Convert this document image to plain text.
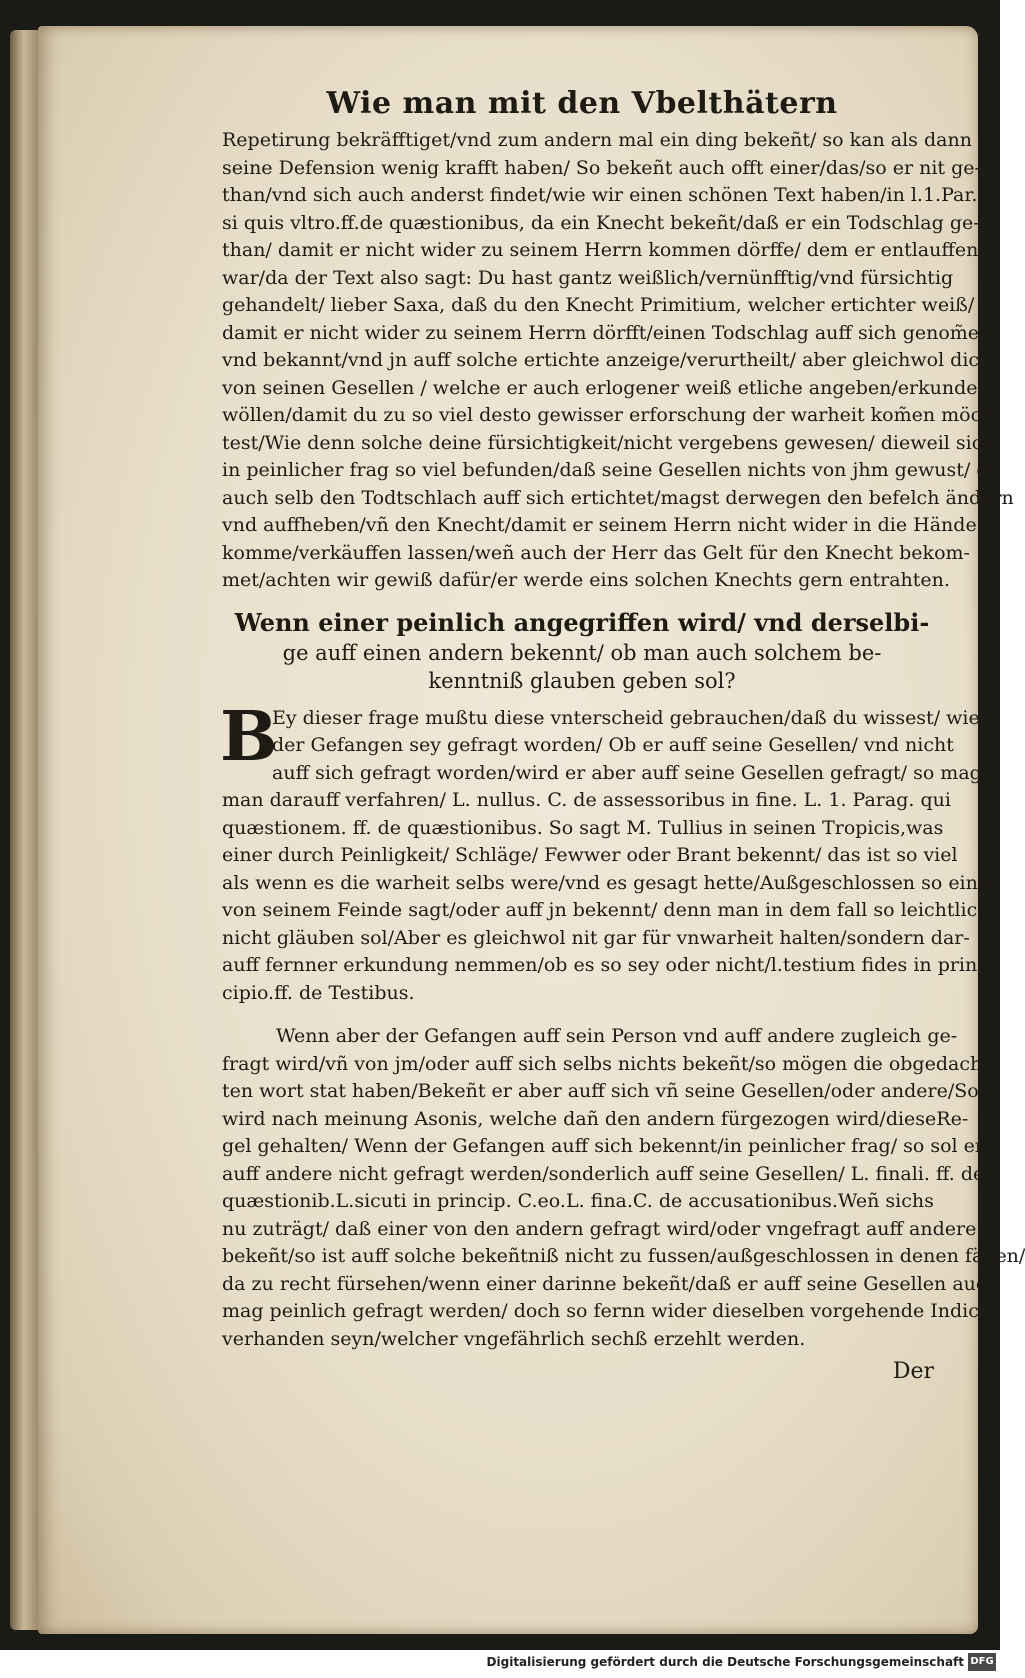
Wie man mit den Vbelthätern

Repetirung bekräfftiget/vnd zum andern mal ein ding bekeñt/ so kan als dann

seine Defension wenig krafft haben/ So bekeñt auch offt einer/das/so er nit ge-

than/vnd sich auch anderst findet/wie wir einen schönen Text haben/in l.1.Par.

si quis vltro.ff.de quæstionibus, da ein Knecht bekeñt/daß er ein Todschlag ge-

than/ damit er nicht wider zu seinem Herrn kommen dörffe/ dem er entlauffen

war/da der Text also sagt: Du hast gantz weißlich/vernünfftig/vnd fürsichtig

gehandelt/ lieber Saxa, daß du den Knecht Primitium, welcher ertichter weiß/

damit er nicht wider zu seinem Herrn dörfft/einen Todschlag auff sich genom̃en

vnd bekannt/vnd jn auff solche ertichte anzeige/verurtheilt/ aber gleichwol dich

von seinen Gesellen / welche er auch erlogener weiß etliche angeben/erkunden

wöllen/damit du zu so viel desto gewisser erforschung der warheit kom̃en möch-

test/Wie denn solche deine fürsichtigkeit/nicht vergebens gewesen/ dieweil sich

in peinlicher frag so viel befunden/daß seine Gesellen nichts von jhm gewust/ er

auch selb den Todtschlach auff sich ertichtet/magst derwegen den befelch ändern

vnd auffheben/vñ den Knecht/damit er seinem Herrn nicht wider in die Hände

komme/verkäuffen lassen/weñ auch der Herr das Gelt für den Knecht bekom-

met/achten wir gewiß dafür/er werde eins solchen Knechts gern entrahten.

Wenn einer peinlich angegriffen wird/ vnd derselbi-
ge auff einen andern bekennt/ ob man auch solchem be-
kenntniß glauben geben sol?
B

Ey dieser frage mußtu diese vnterscheid gebrauchen/daß du wissest/ wie

der Gefangen sey gefragt worden/ Ob er auff seine Gesellen/ vnd nicht

auff sich gefragt worden/wird er aber auff seine Gesellen gefragt/ so mag

man darauff verfahren/ L. nullus. C. de assessoribus in fine. L. 1. Parag. qui

quæstionem. ff. de quæstionibus. So sagt M. Tullius in seinen Tropicis,was

einer durch Peinligkeit/ Schläge/ Fewwer oder Brant bekennt/ das ist so viel

als wenn es die warheit selbs were/vnd es gesagt hette/Außgeschlossen so einer

von seinem Feinde sagt/oder auff jn bekennt/ denn man in dem fall so leichtlich

nicht gläuben sol/Aber es gleichwol nit gar für vnwarheit halten/sondern dar-

auff fernner erkundung nemmen/ob es so sey oder nicht/l.testium fides in prin-

cipio.ff. de Testibus.

Wenn aber der Gefangen auff sein Person vnd auff andere zugleich ge-

fragt wird/vñ von jm/oder auff sich selbs nichts bekeñt/so mögen die obgedach-

ten wort stat haben/Bekeñt er aber auff sich vñ seine Gesellen/oder andere/So

wird nach meinung Asonis, welche dañ den andern fürgezogen wird/dieseRe-

gel gehalten/ Wenn der Gefangen auff sich bekennt/in peinlicher frag/ so sol er

auff andere nicht gefragt werden/sonderlich auff seine Gesellen/ L. finali. ff. de

quæstionib.L.sicuti in princip. C.eo.L. fina.C. de accusationibus.Weñ sichs

nu zuträgt/ daß einer von den andern gefragt wird/oder vngefragt auff andere

bekeñt/so ist auff solche bekeñtniß nicht zu fussen/außgeschlossen in denen fällen/

da zu recht fürsehen/wenn einer darinne bekeñt/daß er auff seine Gesellen auch

mag peinlich gefragt werden/ doch so fernn wider dieselben vorgehende Indicia

verhanden seyn/welcher vngefährlich sechß erzehlt werden.

Der
Digitalisierung gefördert durch die Deutsche Forschungsgemeinschaft DFG
